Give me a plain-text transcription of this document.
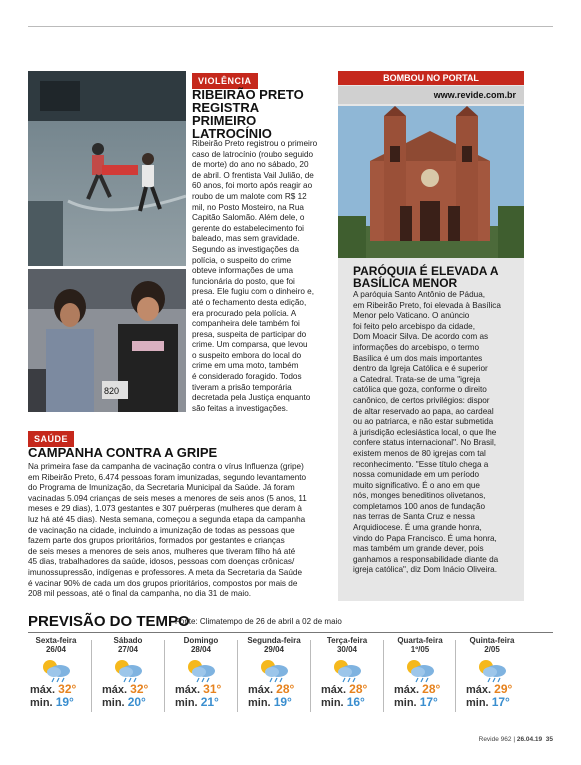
820
VIOLÊNCIA
RIBEIRÃO PRETO REGISTRA PRIMEIRO LATROCÍNIO
Ribeirão Preto registrou o primeiro
caso de latrocínio (roubo seguido
de morte) do ano no sábado, 20
de abril. O frentista Vail Julião, de
60 anos, foi morto após reagir ao
roubo de um malote com R$ 12
mil, no Posto Mosteiro, na Rua
Capitão Salomão. Além dele, o
gerente do estabelecimento foi
baleado, mas sem gravidade.
Segundo as investigações da
polícia, o suspeito do crime
obteve informações de uma
funcionária do posto, que foi
presa. Ele fugiu com o dinheiro e,
até o fechamento desta edição,
era procurado pela polícia. A
companheira dele também foi
presa, suspeita de participar do
crime. Um comparsa, que levou
o suspeito embora do local do
crime em uma moto, também
é considerado foragido. Todos
tiveram a prisão temporária
decretada pela Justiça enquanto
são feitas a investigações.
SAÚDE
CAMPANHA CONTRA A GRIPE
Na primeira fase da campanha de vacinação contra o vírus Influenza (gripe)
em Ribeirão Preto, 6.474 pessoas foram imunizadas, segundo levantamento
do Programa de Imunização, da Secretaria Municipal da Saúde. Já foram
vacinadas 5.094 crianças de seis meses a menores de seis anos (5 anos, 11
meses e 29 dias), 1.073 gestantes e 307 puérperas (mulheres que deram à
luz há até 45 dias). Nesta semana, começou a segunda etapa da campanha
de vacinação na cidade, incluindo a imunização de todas as pessoas que
fazem parte dos grupos prioritários, formados por gestantes e crianças
de seis meses a menores de seis anos, mulheres que tiveram filho há até
45 dias, trabalhadores da saúde, idosos, pessoas com doenças crônicas/
imunossupressão, indígenas e professores. A meta da Secretaria da Saúde
é vacinar 90% de cada um dos grupos prioritários, compostos por mais de
208 mil pessoas, até o final da campanha, no dia 31 de maio.
BOMBOU NO PORTAL
www.revide.com.br
PARÓQUIA É ELEVADA A BASÍLICA MENOR
A paróquia Santo Antônio de Pádua,
em Ribeirão Preto, foi elevada à Basílica
Menor pelo Vaticano. O anúncio
foi feito pelo arcebispo da cidade,
Dom Moacir Silva. De acordo com as
informações do arcebispo, o termo
Basílica é um dos mais importantes
dentro da Igreja Católica e é superior
a Catedral. Trata-se de uma "igreja
católica que goza, conforme o direito
canônico, de certos privilégios: dispor
de altar reservado ao papa, ao cardeal
ou ao patriarca, e não estar submetida
à jurisdição eclesiástica local, o que lhe
confere status internacional". No Brasil,
existem menos de 80 igrejas com tal
reconhecimento. "Esse título chega a
nossa comunidade em um período
muito significativo. É o ano em que
nós, monges beneditinos olivetanos,
completamos 100 anos de fundação
nas terras de Santa Cruz e nessa
Arquidiocese. É uma grande honra,
vindo do Papa Francisco. É uma honra,
mas também um grande dever, pois
ganhamos a responsabilidade diante da
igreja católica", diz Dom Inácio Oliveira.
PREVISÃO DO TEMPO
Fonte: Climatempo de 26 de abril a 02 de maio
Sexta-feira
26/04
máx. 32°
min. 19°
Sábado
27/04
máx. 32°
min. 20°
Domingo
28/04
máx. 31°
min. 21°
Segunda-feira
29/04
máx. 28°
min. 19°
Terça-feira
30/04
máx. 28°
min. 16°
Quarta-feira
1º/05
máx. 28°
min. 17°
Quinta-feira
2/05
máx. 29°
min. 17°
Revide 962 | 26.04.19 35
